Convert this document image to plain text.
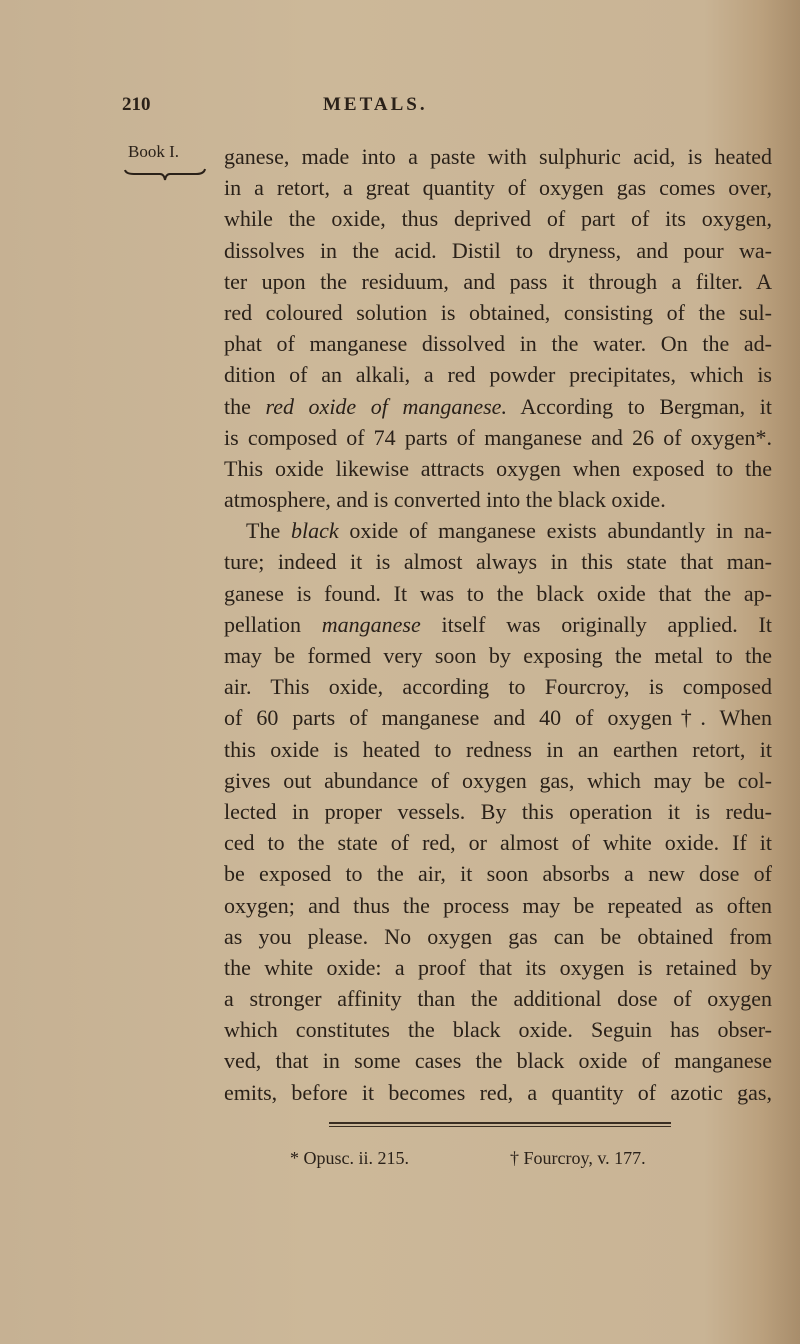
210	METALS.
Book I. ganese, made into a paste with sulphuric acid, is heated
in a retort, a great quantity of oxygen gas comes over,
while the oxide, thus deprived of part of its oxygen,
dissolves in the acid. Distil to dryness, and pour wa-
ter upon the residuum, and pass it through a filter. A
red coloured solution is obtained, consisting of the sul-
phat of manganese dissolved in the water. On the ad-
dition of an alkali, a red powder precipitates, which is
the red oxide of manganese. According to Bergman, it
is composed of 74 parts of manganese and 26 of oxygen*.
This oxide likewise attracts oxygen when exposed to the
atmosphere, and is converted into the black oxide.
The black oxide of manganese exists abundantly in na-
ture; indeed it is almost always in this state that man-
ganese is found. It was to the black oxide that the ap-
pellation manganese itself was originally applied. It
may be formed very soon by exposing the metal to the
air. This oxide, according to Fourcroy, is composed
of 60 parts of manganese and 40 of oxygen†. When
this oxide is heated to redness in an earthen retort, it
gives out abundance of oxygen gas, which may be col-
lected in proper vessels. By this operation it is redu-
ced to the state of red, or almost of white oxide. If it
be exposed to the air, it soon absorbs a new dose of
oxygen; and thus the process may be repeated as often
as you please. No oxygen gas can be obtained from
the white oxide: a proof that its oxygen is retained by
a stronger affinity than the additional dose of oxygen
which constitutes the black oxide. Seguin has obser-
ved, that in some cases the black oxide of manganese
emits, before it becomes red, a quantity of azotic gas,
* Opusc. ii. 215.	† Fourcroy, v. 177.
